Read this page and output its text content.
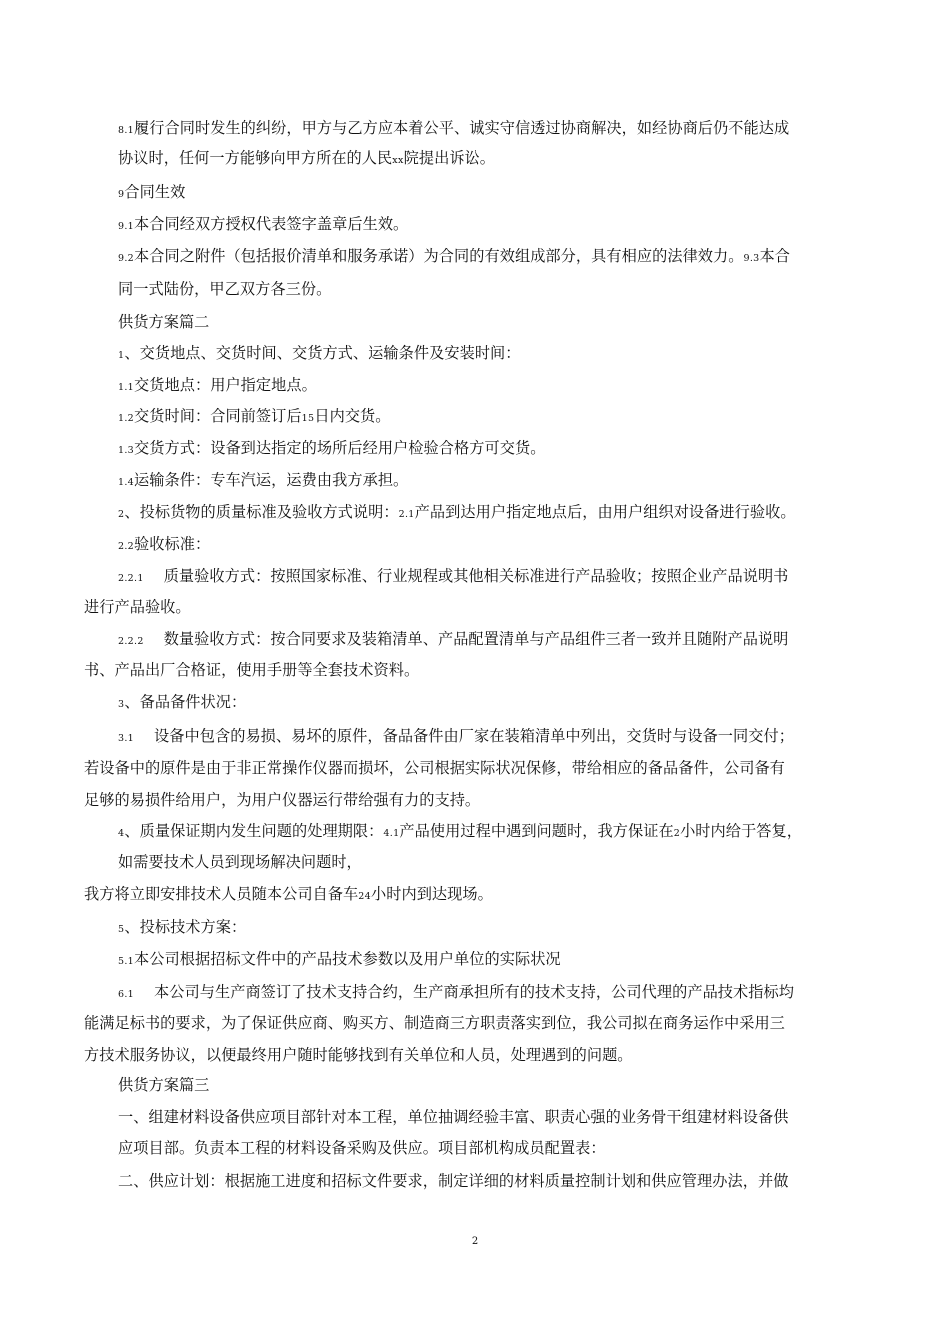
8.1履行合同时发生的纠纷，甲方与乙方应本着公平、诚实守信透过协商解决，如经协商后仍不能达成
协议时，任何一方能够向甲方所在的人民xx院提出诉讼。
9合同生效
9.1本合同经双方授权代表签字盖章后生效。
9.2本合同之附件（包括报价清单和服务承诺）为合同的有效组成部分，具有相应的法律效力。9.3本合
同一式陆份，甲乙双方各三份。
供货方案篇二
1、交货地点、交货时间、交货方式、运输条件及安装时间：
1.1交货地点：用户指定地点。
1.2交货时间：合同前签订后15日内交货。
1.3交货方式：设备到达指定的场所后经用户检验合格方可交货。
1.4运输条件：专车汽运，运费由我方承担。
2、投标货物的质量标准及验收方式说明：2.1产品到达用户指定地点后，由用户组织对设备进行验收。
2.2验收标准：
2.2.1 质量验收方式：按照国家标准、行业规程或其他相关标准进行产品验收；按照企业产品说明书
进行产品验收。
2.2.2 数量验收方式：按合同要求及装箱清单、产品配置清单与产品组件三者一致并且随附产品说明
书、产品出厂合格证，使用手册等全套技术资料。
3、备品备件状况：
3.1 设备中包含的易损、易坏的原件，备品备件由厂家在装箱清单中列出，交货时与设备一同交付；
若设备中的原件是由于非正常操作仪器而损坏，公司根据实际状况保修，带给相应的备品备件，公司备有
足够的易损件给用户，为用户仪器运行带给强有力的支持。
4、质量保证期内发生问题的处理期限：4.1产品使用过程中遇到问题时，我方保证在2小时内给于答复，
如需要技术人员到现场解决问题时，
我方将立即安排技术人员随本公司自备车24小时内到达现场。
5、投标技术方案：
5.1本公司根据招标文件中的产品技术参数以及用户单位的实际状况
6.1 本公司与生产商签订了技术支持合约，生产商承担所有的技术支持，公司代理的产品技术指标均
能满足标书的要求，为了保证供应商、购买方、制造商三方职责落实到位，我公司拟在商务运作中采用三
方技术服务协议，以便最终用户随时能够找到有关单位和人员，处理遇到的问题。
供货方案篇三
一、组建材料设备供应项目部针对本工程，单位抽调经验丰富、职责心强的业务骨干组建材料设备供
应项目部。负责本工程的材料设备采购及供应。项目部机构成员配置表：
二、供应计划：根据施工进度和招标文件要求，制定详细的材料质量控制计划和供应管理办法，并做
2
